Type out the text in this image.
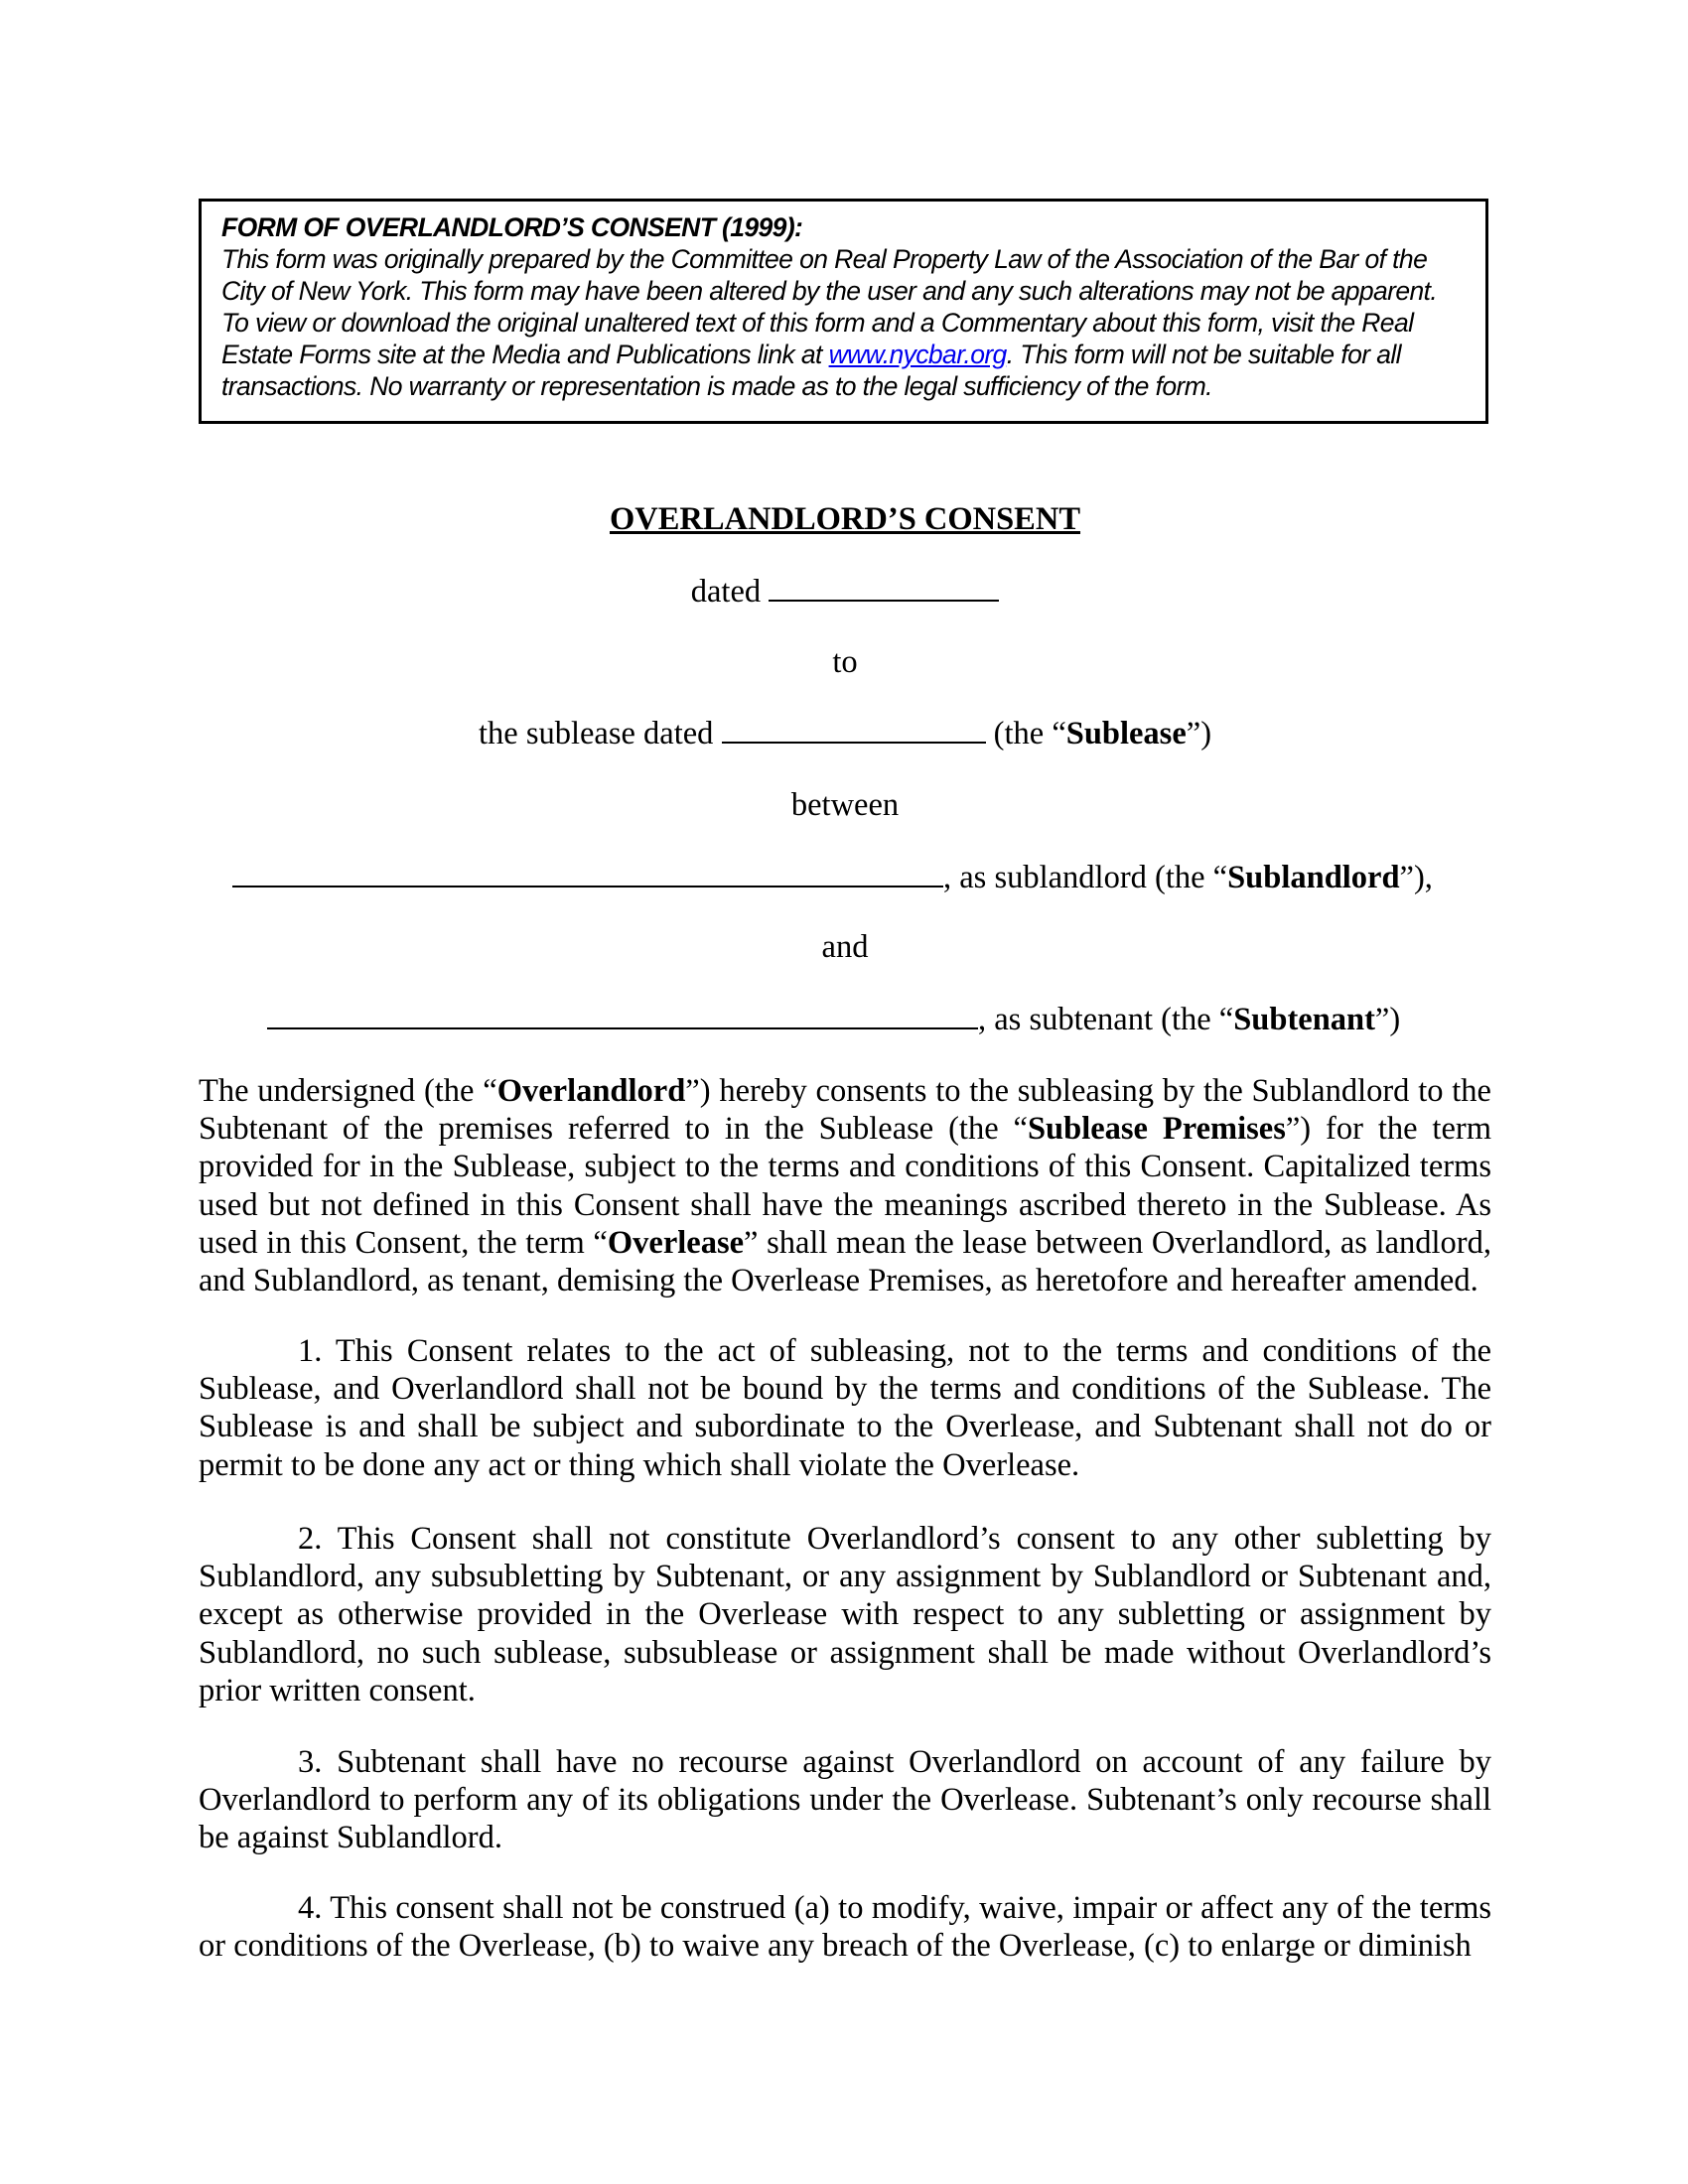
FORM OF OVERLANDLORD’S CONSENT (1999):
This form was originally prepared by the Committee on Real Property Law of the Association of the Bar of the City of New York. This form may have been altered by the user and any such alterations may not be apparent. To view or download the original unaltered text of this form and a Commentary about this form, visit the Real Estate Forms site at the Media and Publications link at www.nycbar.org. This form will not be suitable for all transactions. No warranty or representation is made as to the legal sufficiency of the form.
OVERLANDLORD’S CONSENT
dated
to
the sublease dated	(the “Sublease”)
between
, as sublandlord (the “Sublandlord”),
and
, as subtenant (the “Subtenant”)

The undersigned (the “Overlandlord”) hereby consents to the subleasing by the Sublandlord to the Subtenant of the premises referred to in the Sublease (the “Sublease Premises”) for the term provided for in the Sublease, subject to the terms and conditions of this Consent. Capitalized terms used but not defined in this Consent shall have the meanings ascribed thereto in the Sublease. As used in this Consent, the term “Overlease” shall mean the lease between Overlandlord, as landlord, and Sublandlord, as tenant, demising the Overlease Premises, as heretofore and hereafter amended.

1. This Consent relates to the act of subleasing, not to the terms and conditions of the Sublease, and Overlandlord shall not be bound by the terms and conditions of the Sublease. The Sublease is and shall be subject and subordinate to the Overlease, and Subtenant shall not do or permit to be done any act or thing which shall violate the Overlease.

2. This Consent shall not constitute Overlandlord’s consent to any other subletting by Sublandlord, any subsubletting by Subtenant, or any assignment by Sublandlord or Subtenant and, except as otherwise provided in the Overlease with respect to any subletting or assignment by Sublandlord, no such sublease, subsublease or assignment shall be made without Overlandlord’s prior written consent.

3. Subtenant shall have no recourse against Overlandlord on account of any failure by Overlandlord to perform any of its obligations under the Overlease. Subtenant’s only recourse shall be against Sublandlord.

4. This consent shall not be construed (a) to modify, waive, impair or affect any of the terms or conditions of the Overlease, (b) to waive any breach of the Overlease, (c) to enlarge or diminish
